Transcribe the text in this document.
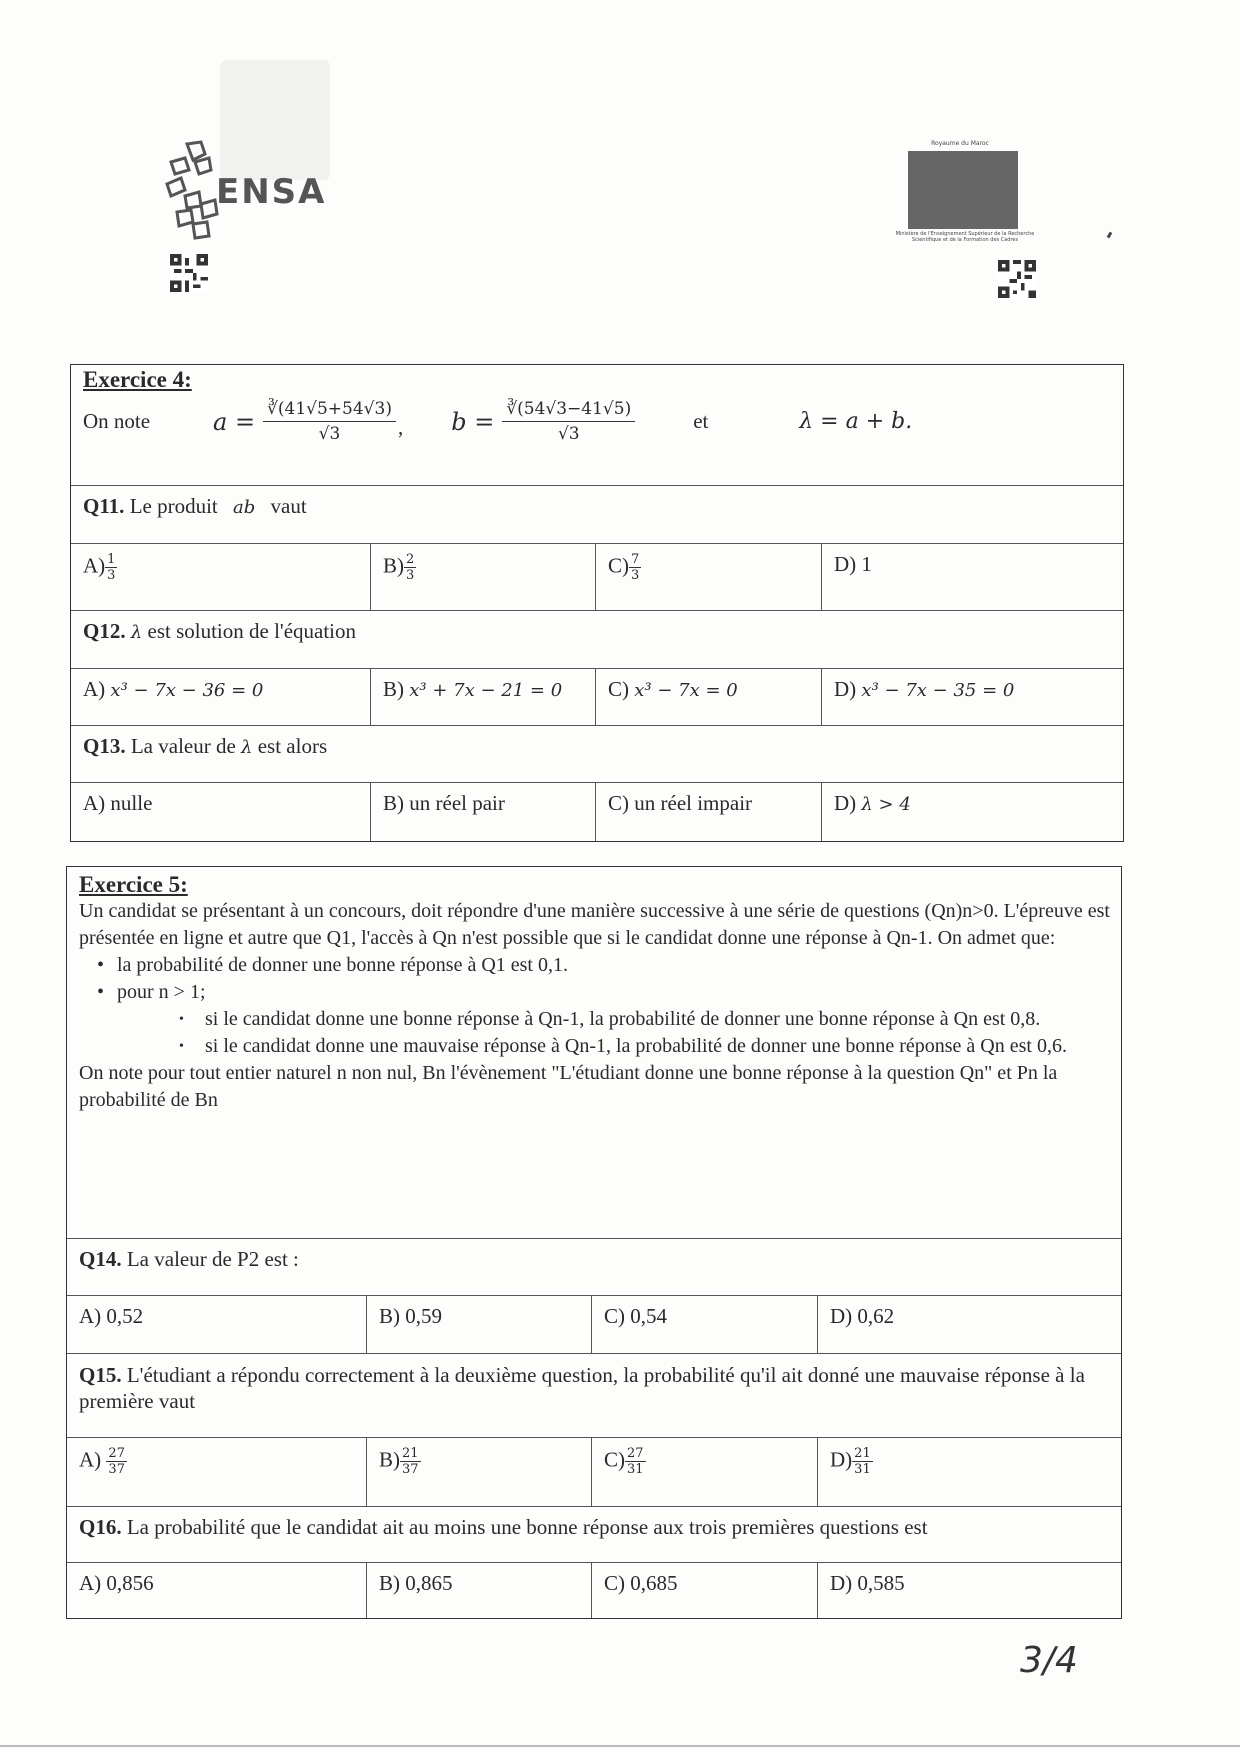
ENSA
Royaume du Maroc
Ministère de l'Enseignement Supérieur de la Recherche Scientifique et de la Formation des Cadres
Exercice 4:
On note	$a = \frac{∛(41√5+54√3)}{√3}$ , $b = \frac{∛(54√3-41√5)}{√3}$	et	λ = a + b.
Q11. Le produit ab vaut
$A) \frac{1}{3}$	$B) \frac{2}{3}$	$C) \frac{7}{3}$	D) 1
Q12. λ est solution de l'équation
A) x³ − 7x − 36 = 0	B) x³ + 7x − 21 = 0	C) x³ − 7x = 0	D) x³ − 7x − 35 = 0
Q13. La valeur de λ est alors
A) nulle	B) un réel pair	C) un réel impair	D) λ > 4
Exercice 5:

Un candidat se présentant à un concours, doit répondre d'une manière successive à une série de questions (Qn)n>0. L'épreuve est présentée en ligne et autre que Q1, l'accès à Qn n'est possible que si le candidat donne une réponse à Qn-1. On admet que:

• la probabilité de donner une bonne réponse à Q1 est 0,1.

• pour n > 1;

• si le candidat donne une bonne réponse à Qn-1, la probabilité de donner une bonne réponse à Qn est 0,8.

• si le candidat donne une mauvaise réponse à Qn-1, la probabilité de donner une bonne réponse à Qn est 0,6.

On note pour tout entier naturel n non nul, Bn l'évènement "L'étudiant donne une bonne réponse à la question Qn" et Pn la probabilité de Bn

Q14. La valeur de P2 est :
A) 0,52	B) 0,59	C) 0,54	D) 0,62
Q15. L'étudiant a répondu correctement à la deuxième question, la probabilité qu'il ait donné une mauvaise réponse à la première vaut
$A) \frac{27}{37}$	$B) \frac{21}{37}$	$C) \frac{27}{31}$	$D) \frac{21}{31}$
Q16. La probabilité que le candidat ait au moins une bonne réponse aux trois premières questions est
A) 0,856	B) 0,865	C) 0,685	D) 0,585
3/4
